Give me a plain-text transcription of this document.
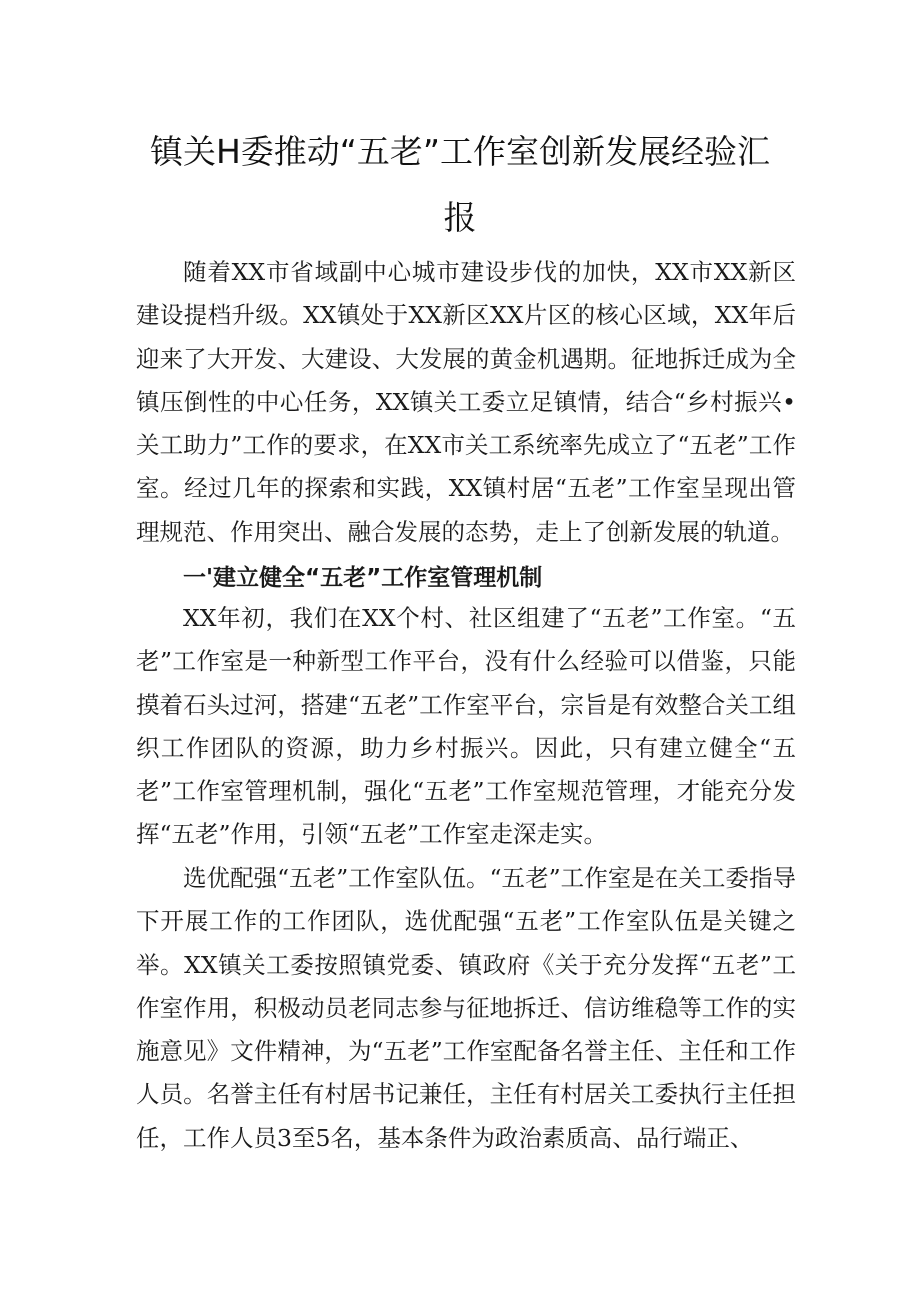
镇关H委推动“五老”工作室创新发展经验汇
报

随着XX市省域副中心城市建设步伐的加快，XX市XX新区建设提档升级。XX镇处于XX新区XX片区的核心区域，XX年后迎来了大开发、大建设、大发展的黄金机遇期。征地拆迁成为全镇压倒性的中心任务，XX镇关工委立足镇情，结合“乡村振兴•关工助力”工作的要求，在XX市关工系统率先成立了“五老”工作室。经过几年的探索和实践，XX镇村居“五老”工作室呈现出管理规范、作用突出、融合发展的态势，走上了创新发展的轨道。

一'建立健全“五老”工作室管理机制

XX年初，我们在XX个村、社区组建了“五老”工作室。“五老”工作室是一种新型工作平台，没有什么经验可以借鉴，只能摸着石头过河，搭建“五老”工作室平台，宗旨是有效整合关工组织工作团队的资源，助力乡村振兴。因此，只有建立健全“五老”工作室管理机制，强化“五老”工作室规范管理，才能充分发挥“五老”作用，引领“五老”工作室走深走实。

选优配强“五老”工作室队伍。“五老”工作室是在关工委指导下开展工作的工作团队，选优配强“五老”工作室队伍是关键之举。XX镇关工委按照镇党委、镇政府《关于充分发挥“五老”工作室作用，积极动员老同志参与征地拆迁、信访维稳等工作的实施意见》文件精神，为“五老”工作室配备名誉主任、主任和工作人员。名誉主任有村居书记兼任，主任有村居关工委执行主任担任，工作人员3至5名，基本条件为政治素质高、品行端正、
